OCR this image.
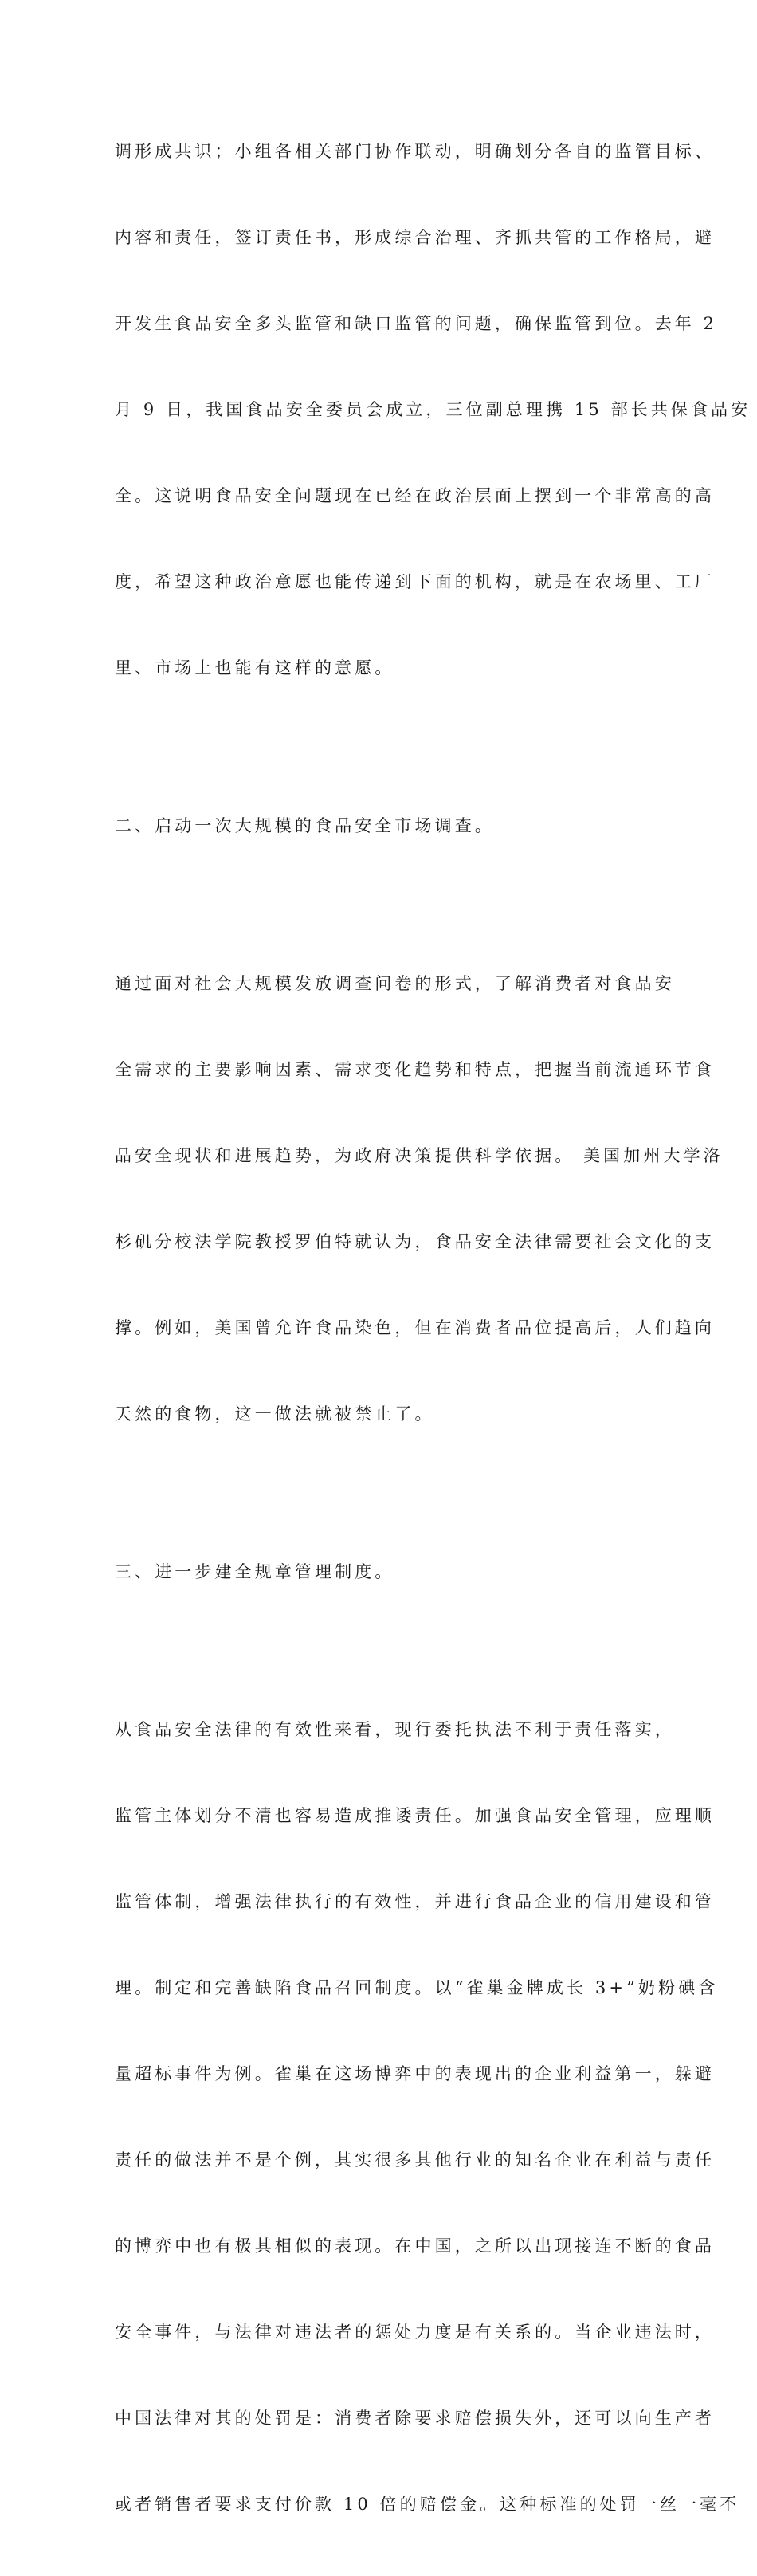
调形成共识；小组各相关部门协作联动，明确划分各自的监管目标、

内容和责任，签订责任书，形成综合治理、齐抓共管的工作格局，避

开发生食品安全多头监管和缺口监管的问题，确保监管到位。去年 2

月 9 日，我国食品安全委员会成立，三位副总理携 15 部长共保食品安

全。这说明食品安全问题现在已经在政治层面上摆到一个非常高的高

度，希望这种政治意愿也能传递到下面的机构，就是在农场里、工厂

里、市场上也能有这样的意愿。

二、启动一次大规模的食品安全市场调查。

通过面对社会大规模发放调查问卷的形式，了解消费者对食品安

全需求的主要影响因素、需求变化趋势和特点，把握当前流通环节食

品安全现状和进展趋势，为政府决策提供科学依据。 美国加州大学洛

杉矶分校法学院教授罗伯特就认为，食品安全法律需要社会文化的支

撑。例如，美国曾允许食品染色，但在消费者品位提高后，人们趋向

天然的食物，这一做法就被禁止了。

三、进一步建全规章管理制度。

从食品安全法律的有效性来看，现行委托执法不利于责任落实，

监管主体划分不清也容易造成推诿责任。加强食品安全管理，应理顺

监管体制，增强法律执行的有效性，并进行食品企业的信用建设和管

理。制定和完善缺陷食品召回制度。以“雀巢金牌成长 3+”奶粉碘含

量超标事件为例。雀巢在这场博弈中的表现出的企业利益第一，躲避

责任的做法并不是个例，其实很多其他行业的知名企业在利益与责任

的博弈中也有极其相似的表现。在中国，之所以出现接连不断的食品

安全事件，与法律对违法者的惩处力度是有关系的。当企业违法时，

中国法律对其的处罚是：消费者除要求赔偿损失外，还可以向生产者

或者销售者要求支付价款 10 倍的赔偿金。这种标准的处罚一丝一毫不
